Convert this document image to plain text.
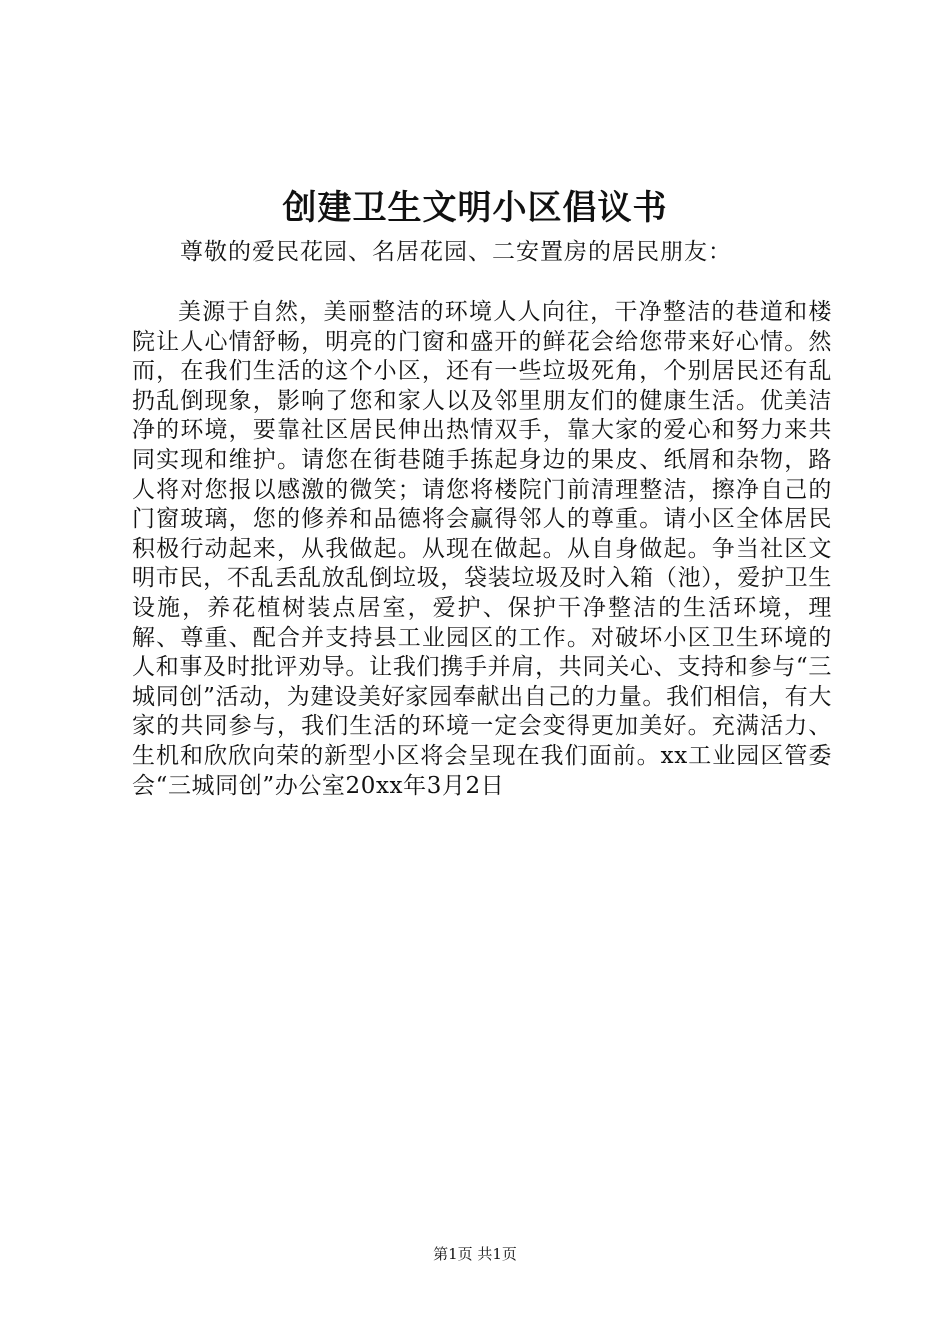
创建卫生文明小区倡议书
尊敬的爱民花园、名居花园、二安置房的居民朋友：
美源于自然，美丽整洁的环境人人向往，干净整洁的巷道和楼院让人心情舒畅，明亮的门窗和盛开的鲜花会给您带来好心情。然而，在我们生活的这个小区，还有一些垃圾死角，个别居民还有乱扔乱倒现象，影响了您和家人以及邻里朋友们的健康生活。优美洁净的环境，要靠社区居民伸出热情双手，靠大家的爱心和努力来共同实现和维护。请您在街巷随手拣起身边的果皮、纸屑和杂物，路人将对您报以感激的微笑；请您将楼院门前清理整洁，擦净自己的门窗玻璃，您的修养和品德将会赢得邻人的尊重。请小区全体居民积极行动起来，从我做起。从现在做起。从自身做起。争当社区文明市民，不乱丢乱放乱倒垃圾，袋装垃圾及时入箱（池），爱护卫生设施，养花植树装点居室，爱护、保护干净整洁的生活环境，理解、尊重、配合并支持县工业园区的工作。对破坏小区卫生环境的人和事及时批评劝导。让我们携手并肩，共同关心、支持和参与“三城同创”活动，为建设美好家园奉献出自己的力量。我们相信，有大家的共同参与，我们生活的环境一定会变得更加美好。充满活力、生机和欣欣向荣的新型小区将会呈现在我们面前。xx工业园区管委会“三城同创”办公室20xx年3月2日
第1页 共1页
